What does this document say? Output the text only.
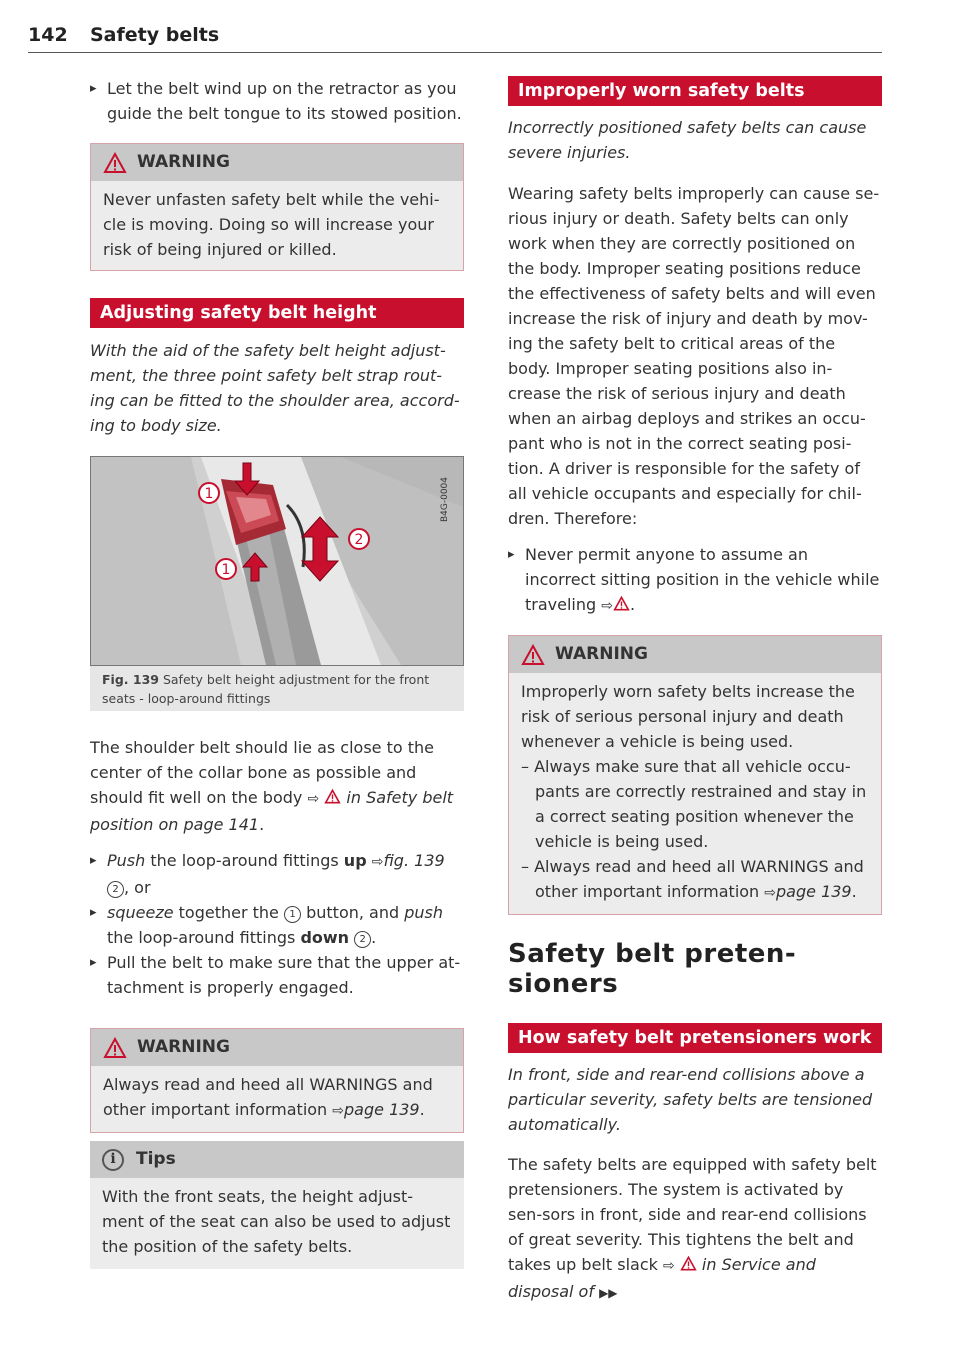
142 Safety belts

▸ Let the belt wind up on the retractor as you guide the belt tongue to its stowed position.

WARNING
Never unfasten safety belt while the vehi-cle is moving. Doing so will increase your risk of being injured or killed.
Adjusting safety belt height

With the aid of the safety belt height adjust-ment, the three point safety belt strap rout-ing can be fitted to the shoulder area, accord-ing to body size.

1
1
2
B4G-0004
Fig. 139 Safety belt height adjustment for the front seats - loop-around fittings

The shoulder belt should lie as close to the center of the collar bone as possible and should fit well on the body ⇨ in Safety belt position on page 141.

▸ Push the loop-around fittings up ⇨fig. 139 2 , or

▸ squeeze together the 1 button, and push the loop-around fittings down 2 .

▸ Pull the belt to make sure that the upper at-tachment is properly engaged.

WARNING
Always read and heed all WARNINGS and other important information ⇨page 139.
i	Tips
With the front seats, the height adjust-ment of the seat can also be used to adjust the position of the safety belts.
Improperly worn safety belts

Incorrectly positioned safety belts can cause severe injuries.

Wearing safety belts improperly can cause se-rious injury or death. Safety belts can only work when they are correctly positioned on the body. Improper seating positions reduce the effectiveness of safety belts and will even increase the risk of injury and death by mov-ing the safety belt to critical areas of the body. Improper seating positions also in-crease the risk of serious injury and death when an airbag deploys and strikes an occu-pant who is not in the correct seating posi-tion. A driver is responsible for the safety of all vehicle occupants and especially for chil-dren. Therefore:

▸ Never permit anyone to assume an incorrect sitting position in the vehicle while traveling ⇨ .

WARNING

Improperly worn safety belts increase the risk of serious personal injury and death whenever a vehicle is being used.

– Always make sure that all vehicle occu-pants are correctly restrained and stay in a correct seating position whenever the vehicle is being used.

– Always read and heed all WARNINGS and other important information ⇨page 139.

Safety belt preten-
sioners
How safety belt pretensioners work

In front, side and rear-end collisions above a particular severity, safety belts are tensioned automatically.

The safety belts are equipped with safety belt pretensioners. The system is activated by sen-sors in front, side and rear-end collisions of great severity. This tightens the belt and takes up belt slack ⇨ in Service and disposal of ▶▶
